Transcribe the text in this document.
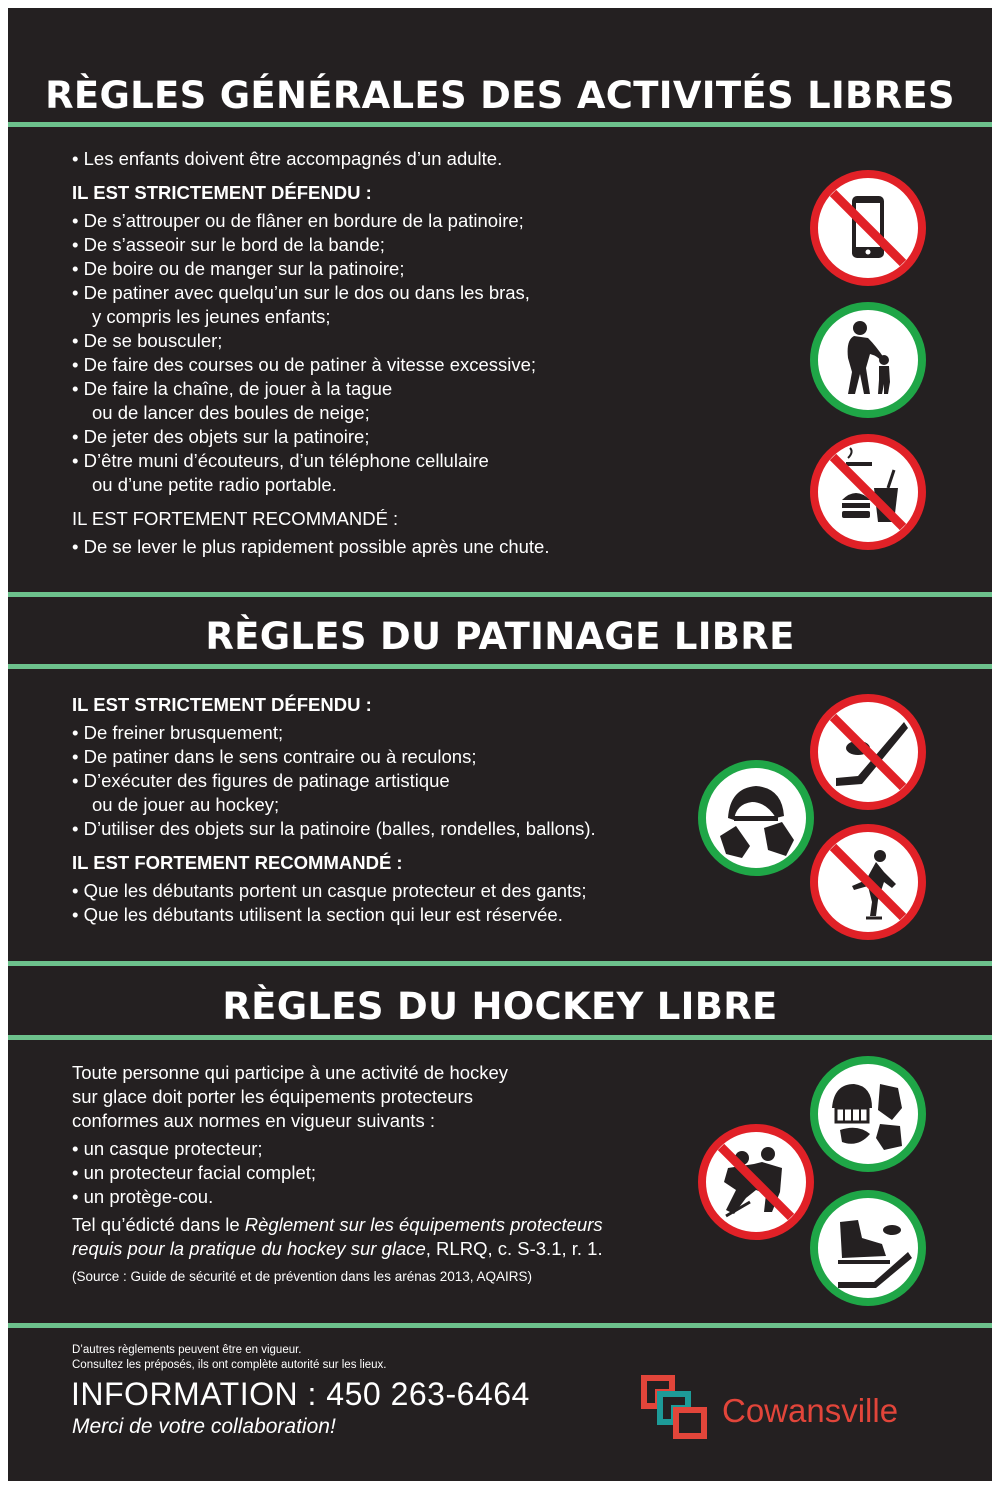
RÈGLES GÉNÉRALES DES ACTIVITÉS LIBRES
• Les enfants doivent être accompagnés d’un adulte.
IL EST STRICTEMENT DÉFENDU :
• De s’attrouper ou de flâner en bordure de la patinoire;
• De s’asseoir sur le bord de la bande;
• De boire ou de manger sur la patinoire;
• De patiner avec quelqu’un sur le dos ou dans les bras,
y compris les jeunes enfants;
• De se bousculer;
• De faire des courses ou de patiner à vitesse excessive;
• De faire la chaîne, de jouer à la tague
ou de lancer des boules de neige;
• De jeter des objets sur la patinoire;
• D’être muni d’écouteurs, d’un téléphone cellulaire
ou d’une petite radio portable.
IL EST FORTEMENT RECOMMANDÉ :
• De se lever le plus rapidement possible après une chute.
RÈGLES DU PATINAGE LIBRE
IL EST STRICTEMENT DÉFENDU :
• De freiner brusquement;
• De patiner dans le sens contraire ou à reculons;
• D’exécuter des figures de patinage artistique
ou de jouer au hockey;
• D’utiliser des objets sur la patinoire (balles, rondelles, ballons).
IL EST FORTEMENT RECOMMANDÉ :
• Que les débutants portent un casque protecteur et des gants;
• Que les débutants utilisent la section qui leur est réservée.
RÈGLES DU HOCKEY LIBRE
Toute personne qui participe à une activité de hockey
sur glace doit porter les équipements protecteurs
conformes aux normes en vigueur suivants :
• un casque protecteur;
• un protecteur facial complet;
• un protège-cou.
Tel qu’édicté dans le Règlement sur les équipements protecteurs
requis pour la pratique du hockey sur glace, RLRQ, c. S-3.1, r. 1.
(Source : Guide de sécurité et de prévention dans les arénas 2013, AQAIRS)
D’autres règlements peuvent être en vigueur.
Consultez les préposés, ils ont complète autorité sur les lieux.
INFORMATION : 450 263-6464
Merci de votre collaboration!	Cowansville
